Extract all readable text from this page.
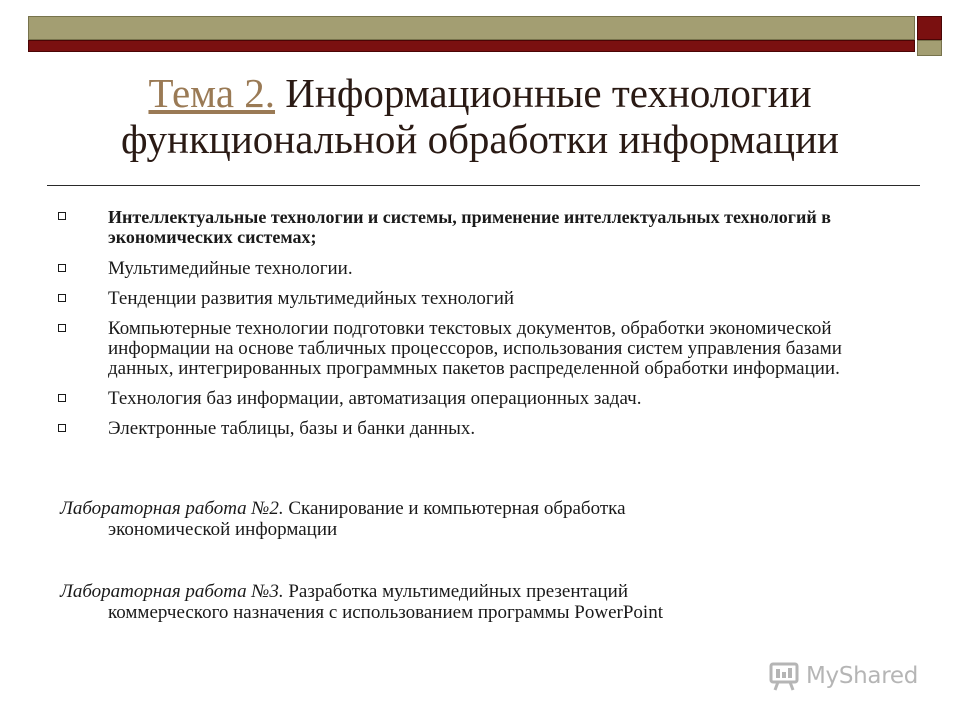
Тема 2. Информационные технологии функциональной обработки информации
Интеллектуальные технологии и системы, применение интеллектуальных технологий в экономических системах;
Мультимедийные технологии.
Тенденции развития мультимедийных технологий
Компьютерные технологии подготовки текстовых документов, обработки экономической информации на основе табличных процессоров, использования систем управления базами данных, интегрированных программных пакетов распределенной обработки информации.
Технология баз информации, автоматизация операционных задач.
Электронные таблицы, базы и банки данных.
Лабораторная работа №2. Сканирование и компьютерная обработка
экономической информации
Лабораторная работа №3. Разработка мультимедийных презентаций
коммерческого назначения с использованием программы PowerPoint
MyShared
